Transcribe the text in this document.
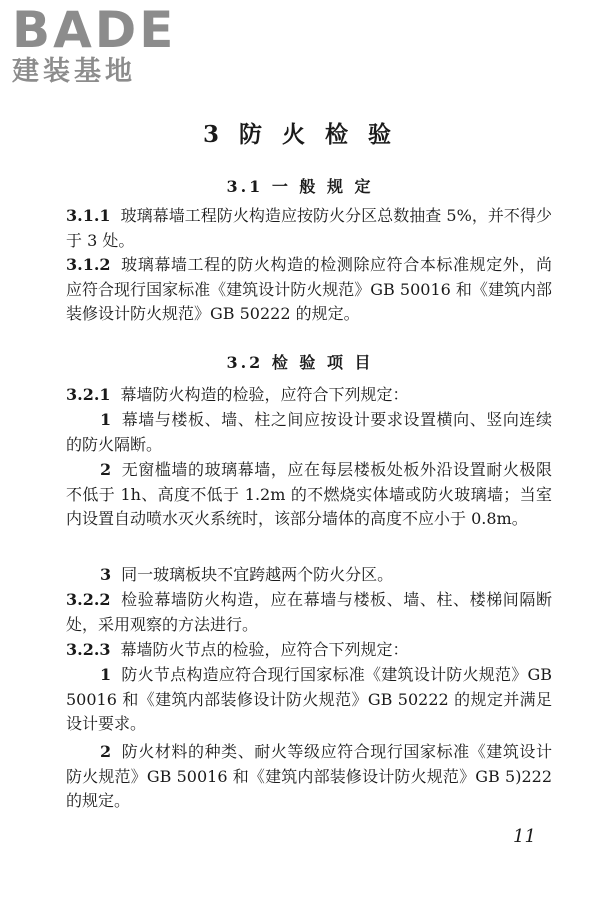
BADE
建装基地
3 防 火 检 验
3.1 一 般 规 定

3.1.1 玻璃幕墙工程防火构造应按防火分区总数抽查 5%，并不得少于 3 处。

3.1.2 玻璃幕墙工程的防火构造的检测除应符合本标准规定外，尚应符合现行国家标准《建筑设计防火规范》GB 50016 和《建筑内部装修设计防火规范》GB 50222 的规定。

3.2 检 验 项 目

3.2.1 幕墙防火构造的检验，应符合下列规定：

1 幕墙与楼板、墙、柱之间应按设计要求设置横向、竖向连续的防火隔断。

2 无窗槛墙的玻璃幕墙，应在每层楼板处板外沿设置耐火极限不低于 1h、高度不低于 1.2m 的不燃烧实体墙或防火玻璃墙；当室内设置自动喷水灭火系统时，该部分墙体的高度不应小于 0.8m。

3 同一玻璃板块不宜跨越两个防火分区。

3.2.2 检验幕墙防火构造，应在幕墙与楼板、墙、柱、楼梯间隔断处，采用观察的方法进行。

3.2.3 幕墙防火节点的检验，应符合下列规定：

1 防火节点构造应符合现行国家标准《建筑设计防火规范》GB 50016 和《建筑内部装修设计防火规范》GB 50222 的规定并满足设计要求。

2 防火材料的种类、耐火等级应符合现行国家标准《建筑设计防火规范》GB 50016 和《建筑内部装修设计防火规范》GB 5)222 的规定。

11
